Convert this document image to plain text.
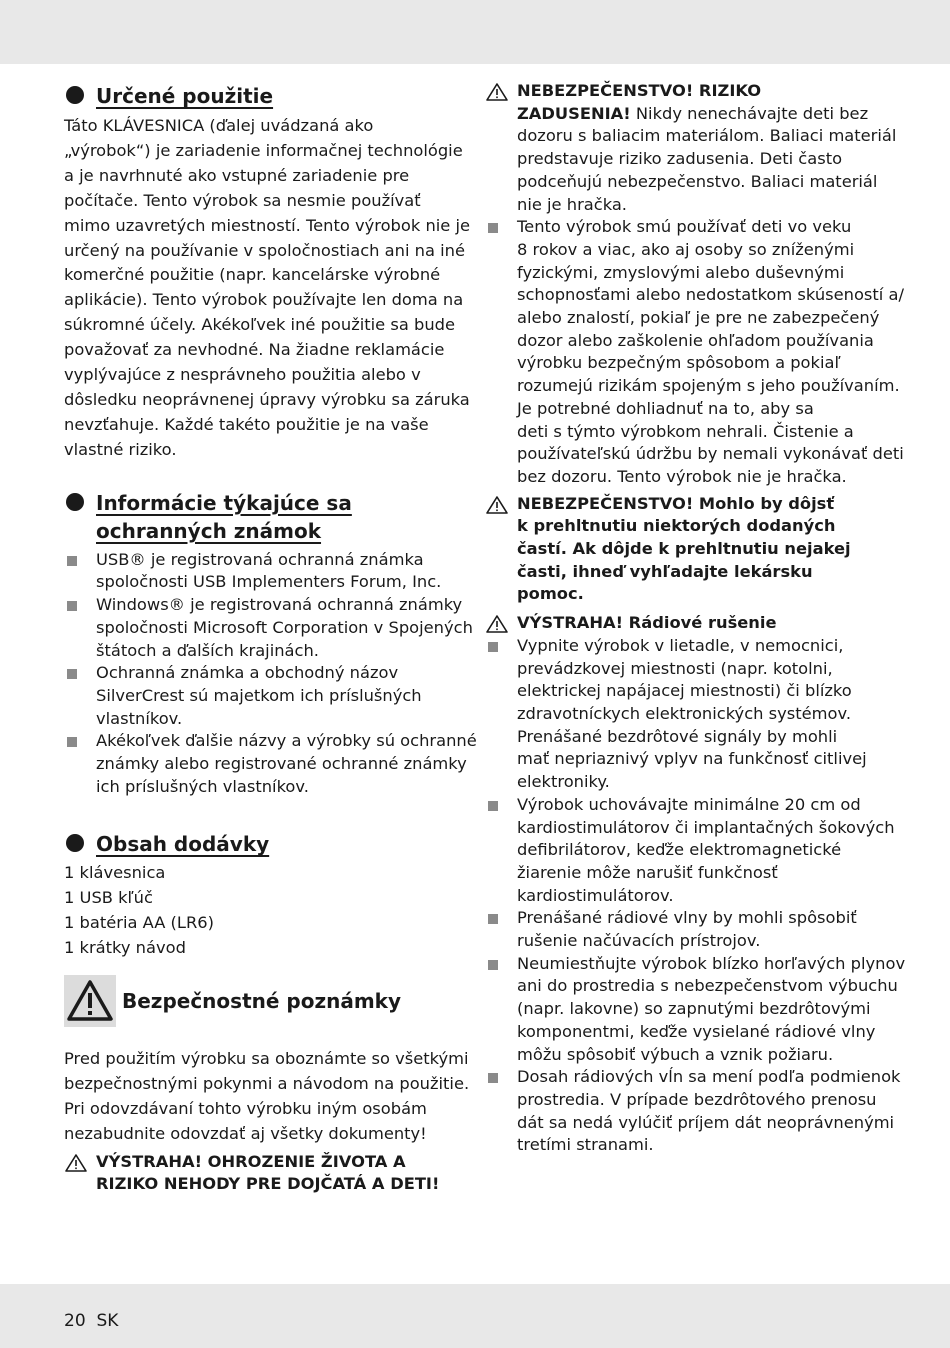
Určené použitie
Táto KLÁVESNICA (ďalej uvádzaná ako
„výrobok“) je zariadenie informačnej technológie
a je navrhnuté ako vstupné zariadenie pre
počítače. Tento výrobok sa nesmie používať
mimo uzavretých miestností. Tento výrobok nie je
určený na používanie v spoločnostiach ani na iné
komerčné použitie (napr. kancelárske výrobné
aplikácie). Tento výrobok používajte len doma na
súkromné účely. Akékoľvek iné použitie sa bude
považovať za nevhodné. Na žiadne reklamácie
vyplývajúce z nesprávneho použitia alebo v
dôsledku neoprávnenej úpravy výrobku sa záruka
nevzťahuje. Každé takéto použitie je na vaše
vlastné riziko.
Informácie týkajúce sa
ochranných známok
USB® je registrovaná ochranná známka
spoločnosti USB Implementers Forum, Inc.
Windows® je registrovaná ochranná známky
spoločnosti Microsoft Corporation v Spojených
štátoch a ďalších krajinách.
Ochranná známka a obchodný názov
SilverCrest sú majetkom ich príslušných
vlastníkov.
Akékoľvek ďalšie názvy a výrobky sú ochranné
známky alebo registrované ochranné známky
ich príslušných vlastníkov.
Obsah dodávky
1 klávesnica
1 USB kľúč
1 batéria AA (LR6)
1 krátky návod
Bezpečnostné poznámky
Pred použitím výrobku sa oboznámte so všetkými
bezpečnostnými pokynmi a návodom na použitie.
Pri odovzdávaní tohto výrobku iným osobám
nezabudnite odovzdať aj všetky dokumenty!
VÝSTRAHA! OHROZENIE ŽIVOTA A
RIZIKO NEHODY PRE DOJČATÁ A DETI!
NEBEZPEČENSTVO! RIZIKO
ZADUSENIA! Nikdy nenechávajte deti bez
dozoru s baliacim materiálom. Baliaci materiál
predstavuje riziko zadusenia. Deti často
podceňujú nebezpečenstvo. Baliaci materiál
nie je hračka.
Tento výrobok smú používať deti vo veku
8 rokov a viac, ako aj osoby so zníženými
fyzickými, zmyslovými alebo duševnými
schopnosťami alebo nedostatkom skúseností a/
alebo znalostí, pokiaľ je pre ne zabezpečený
dozor alebo zaškolenie ohľadom používania
výrobku bezpečným spôsobom a pokiaľ
rozumejú rizikám spojeným s jeho používaním.
Je potrebné dohliadnuť na to, aby sa
deti s týmto výrobkom nehrali. Čistenie a
používateľskú údržbu by nemali vykonávať deti
bez dozoru. Tento výrobok nie je hračka.
NEBEZPEČENSTVO! Mohlo by dôjsť
k prehltnutiu niektorých dodaných
častí. Ak dôjde k prehltnutiu nejakej
časti, ihneď vyhľadajte lekársku
pomoc.
VÝSTRAHA! Rádiové rušenie
Vypnite výrobok v lietadle, v nemocnici,
prevádzkovej miestnosti (napr. kotolni,
elektrickej napájacej miestnosti) či blízko
zdravotníckych elektronických systémov.
Prenášané bezdrôtové signály by mohli
mať nepriaznivý vplyv na funkčnosť citlivej
elektroniky.
Výrobok uchovávajte minimálne 20 cm od
kardiostimulátorov či implantačných šokových
defibrilátorov, keďže elektromagnetické
žiarenie môže narušiť funkčnosť
kardiostimulátorov.
Prenášané rádiové vlny by mohli spôsobiť
rušenie načúvacích prístrojov.
Neumiestňujte výrobok blízko horľavých plynov
ani do prostredia s nebezpečenstvom výbuchu
(napr. lakovne) so zapnutými bezdrôtovými
komponentmi, keďže vysielané rádiové vlny
môžu spôsobiť výbuch a vznik požiaru.
Dosah rádiových vĺn sa mení podľa podmienok
prostredia. V prípade bezdrôtového prenosu
dát sa nedá vylúčiť príjem dát neoprávnenými
tretími stranami.
20 SK
